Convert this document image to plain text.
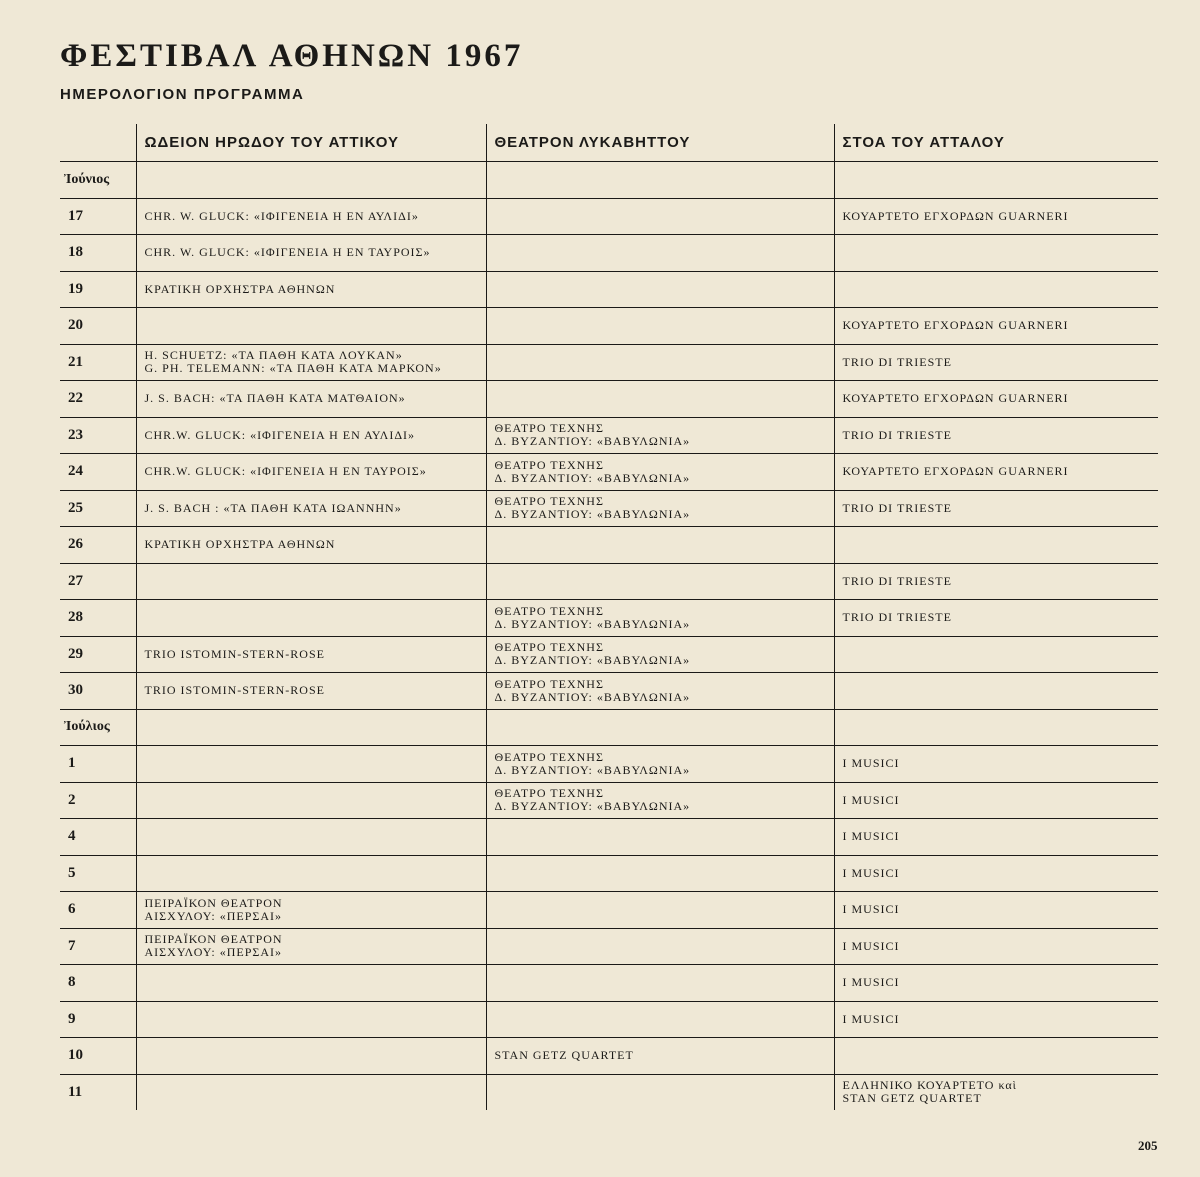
ΦΕΣΤΙΒΑΛ ΑΘΗΝΩΝ 1967
ΗΜΕΡΟΛΟΓΙΟΝ ΠΡΟΓΡΑΜΜΑ
	ΩΔΕΙΟΝ ΗΡΩΔΟΥ ΤΟΥ ΑΤΤΙΚΟΥ	ΘΕΑΤΡΟΝ ΛΥΚΑΒΗΤΤΟΥ	ΣΤΟΑ ΤΟΥ ΑΤΤΑΛΟΥ
Ἰούνιος			
17	CHR. W. GLUCK: «ΙΦΙΓΕΝΕΙΑ Η ΕΝ ΑΥΛΙΔΙ»		ΚΟΥΑΡΤΕΤΟ ΕΓΧΟΡΔΩΝ GUARNERI

18	CHR. W. GLUCK: «ΙΦΙΓΕΝΕΙΑ Η ΕΝ ΤΑΥΡΟΙΣ»		

19	ΚΡΑΤΙΚΗ ΟΡΧΗΣΤΡΑ ΑΘΗΝΩΝ		

20			ΚΟΥΑΡΤΕΤΟ ΕΓΧΟΡΔΩΝ GUARNERI

21	H. SCHUETZ: «ΤΑ ΠΑΘΗ ΚΑΤΑ ΛΟΥΚΑΝ»
G. PH. TELEMANN: «ΤΑ ΠΑΘΗ ΚΑΤΑ ΜΑΡΚΟΝ»		TRIO DI TRIESTE

22	J. S. BACH: «ΤΑ ΠΑΘΗ ΚΑΤΑ ΜΑΤΘΑΙΟΝ»		ΚΟΥΑΡΤΕΤΟ ΕΓΧΟΡΔΩΝ GUARNERI

23	CHR.W. GLUCK: «ΙΦΙΓΕΝΕΙΑ Η ΕΝ ΑΥΛΙΔΙ»	ΘΕΑΤΡΟ ΤΕΧΝΗΣ
Δ. ΒΥΖΑΝΤΙΟΥ: «ΒΑΒΥΛΩΝΙΑ»	TRIO DI TRIESTE

24	CHR.W. GLUCK: «ΙΦΙΓΕΝΕΙΑ Η ΕΝ ΤΑΥΡΟΙΣ»	ΘΕΑΤΡΟ ΤΕΧΝΗΣ
Δ. ΒΥΖΑΝΤΙΟΥ: «ΒΑΒΥΛΩΝΙΑ»	ΚΟΥΑΡΤΕΤΟ ΕΓΧΟΡΔΩΝ GUARNERI

25	J. S. BACH : «ΤΑ ΠΑΘΗ ΚΑΤΑ ΙΩΑΝΝΗΝ»	ΘΕΑΤΡΟ ΤΕΧΝΗΣ
Δ. ΒΥΖΑΝΤΙΟΥ: «ΒΑΒΥΛΩΝΙΑ»	TRIO DI TRIESTE

26	ΚΡΑΤΙΚΗ ΟΡΧΗΣΤΡΑ ΑΘΗΝΩΝ		

27			TRIO DI TRIESTE

28		ΘΕΑΤΡΟ ΤΕΧΝΗΣ
Δ. ΒΥΖΑΝΤΙΟΥ: «ΒΑΒΥΛΩΝΙΑ»	TRIO DI TRIESTE

29	TRIO ISTOMIN-STERN-ROSE	ΘΕΑΤΡΟ ΤΕΧΝΗΣ
Δ. ΒΥΖΑΝΤΙΟΥ: «ΒΑΒΥΛΩΝΙΑ»	

30	TRIO ISTOMIN-STERN-ROSE	ΘΕΑΤΡΟ ΤΕΧΝΗΣ
Δ. ΒΥΖΑΝΤΙΟΥ: «ΒΑΒΥΛΩΝΙΑ»	

Ἰούλιος			
1		ΘΕΑΤΡΟ ΤΕΧΝΗΣ
Δ. ΒΥΖΑΝΤΙΟΥ: «ΒΑΒΥΛΩΝΙΑ»	I MUSICI

2		ΘΕΑΤΡΟ ΤΕΧΝΗΣ
Δ. ΒΥΖΑΝΤΙΟΥ: «ΒΑΒΥΛΩΝΙΑ»	I MUSICI

4			I MUSICI

5			I MUSICI

6	ΠΕΙΡΑΪΚΟΝ ΘΕΑΤΡΟΝ
ΑΙΣΧΥΛΟΥ: «ΠΕΡΣΑΙ»		I MUSICI

7	ΠΕΙΡΑΪΚΟΝ ΘΕΑΤΡΟΝ
ΑΙΣΧΥΛΟΥ: «ΠΕΡΣΑΙ»		I MUSICI

8			I MUSICI

9			I MUSICI

10		STAN GETZ QUARTET	

11			ΕΛΛΗΝΙΚΟ ΚΟΥΑΡΤΕΤΟ καὶ
STAN GETZ QUARTET
205
